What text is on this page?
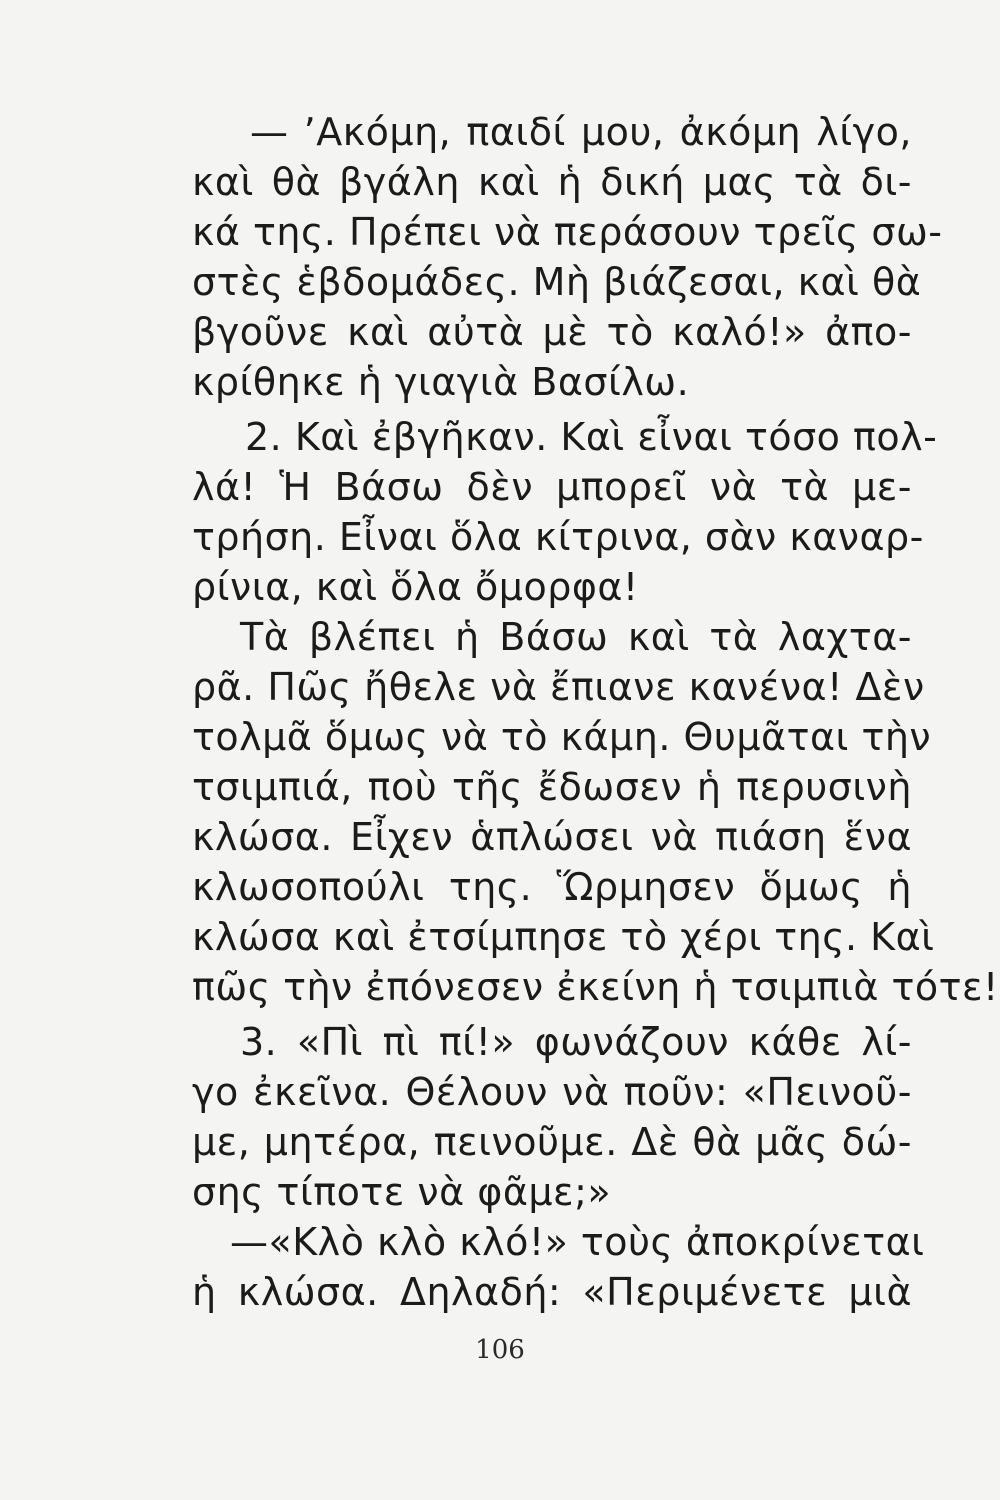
— ʼΑκόμη, παιδί μου, ἀκόμη λίγο,
καὶ θὰ βγάλη καὶ ἡ δική μας τὰ δι-
κά της. Πρέπει νὰ περάσουν τρεῖς σω-
στὲς ἑβδομάδες. Μὴ βιάζεσαι, καὶ θὰ
βγοῦνε καὶ αὐτὰ μὲ τὸ καλό!» ἀπο-
κρίθηκε ἡ γιαγιὰ Βασίλω.
2. Καὶ ἐβγῆκαν. Καὶ εἶναι τόσο πολ-
λά! Ἡ Βάσω δὲν μπορεῖ νὰ τὰ με-
τρήση. Εἶναι ὅλα κίτρινα, σὰν καναρ-
ρίνια, καὶ ὅλα ὄμορφα!
Τὰ βλέπει ἡ Βάσω καὶ τὰ λαχτα-
ρᾶ. Πῶς ἤθελε νὰ ἔπιανε κανένα! Δὲν
τολμᾶ ὅμως νὰ τὸ κάμη. Θυμᾶται τὴν
τσιμπιά, ποὺ τῆς ἔδωσεν ἡ περυσινὴ
κλώσα. Εἶχεν ἁπλώσει νὰ πιάση ἕνα
κλωσοπούλι της. Ὥρμησεν ὅμως ἡ
κλώσα καὶ ἐτσίμπησε τὸ χέρι της. Καὶ
πῶς τὴν ἐπόνεσεν ἐκείνη ἡ τσιμπιὰ τότε!
3. «Πὶ πὶ πί!» φωνάζουν κάθε λί-
γο ἐκεῖνα. Θέλουν νὰ ποῦν: «Πεινοῦ-
με, μητέρα, πεινοῦμε. Δὲ θὰ μᾶς δώ-
σης τίποτε νὰ φᾶμε;»
—«Κλὸ κλὸ κλό!» τοὺς ἀποκρίνεται
ἡ κλώσα. Δηλαδή: «Περιμένετε μιὰ
106
